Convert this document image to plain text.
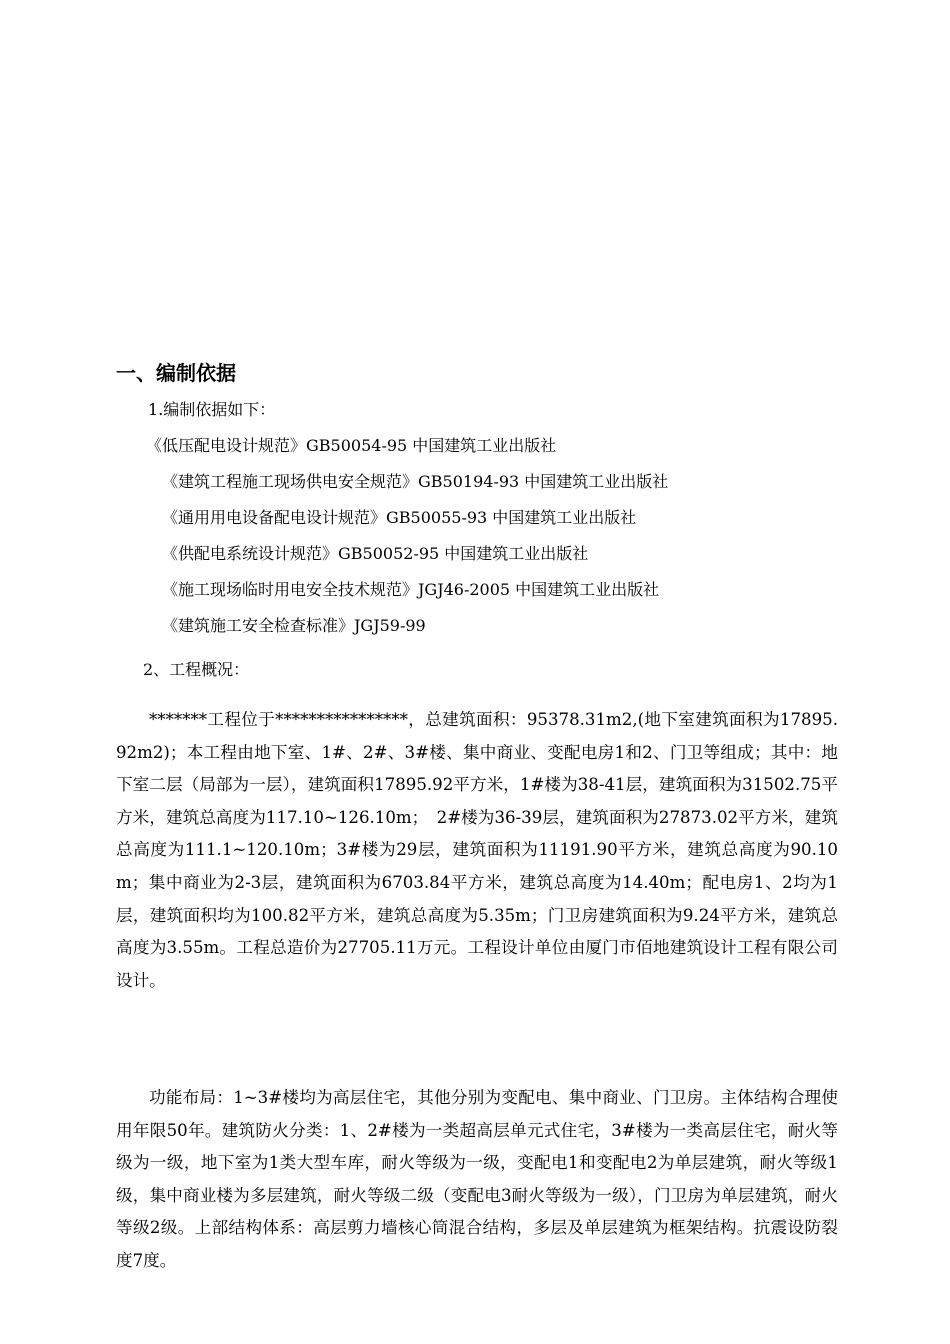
一、编制依据
1.编制依据如下：
《低压配电设计规范》GB50054-95 中国建筑工业出版社
《建筑工程施工现场供电安全规范》GB50194-93 中国建筑工业出版社
《通用用电设备配电设计规范》GB50055-93 中国建筑工业出版社
《供配电系统设计规范》GB50052-95 中国建筑工业出版社
《施工现场临时用电安全技术规范》JGJ46-2005 中国建筑工业出版社
《建筑施工安全检查标准》JGJ59-99
2、工程概况：
*******工程位于****************，总建筑面积：95378.31m2,(地下室建筑面积为17895.92m2)；本工程由地下室、1#、2#、3#楼、集中商业、变配电房1和2、门卫等组成；其中：地下室二层（局部为一层），建筑面积17895.92平方米，1#楼为38-41层，建筑面积为31502.75平方米，建筑总高度为117.10~126.10m；　2#楼为36-39层，建筑面积为27873.02平方米，建筑总高度为111.1~120.10m；3#楼为29层，建筑面积为11191.90平方米，建筑总高度为90.10m；集中商业为2-3层，建筑面积为6703.84平方米，建筑总高度为14.40m；配电房1、2均为1层，建筑面积均为100.82平方米，建筑总高度为5.35m；门卫房建筑面积为9.24平方米，建筑总高度为3.55m。工程总造价为27705.11万元。工程设计单位由厦门市佰地建筑设计工程有限公司设计。
功能布局：1~3#楼均为高层住宅，其他分别为变配电、集中商业、门卫房。主体结构合理使用年限50年。建筑防火分类：1、2#楼为一类超高层单元式住宅，3#楼为一类高层住宅，耐火等级为一级，地下室为1类大型车库，耐火等级为一级，变配电1和变配电2为单层建筑，耐火等级1级，集中商业楼为多层建筑，耐火等级二级（变配电3耐火等级为一级），门卫房为单层建筑，耐火等级2级。上部结构体系：高层剪力墙核心筒混合结构，多层及单层建筑为框架结构。抗震设防裂度7度。
